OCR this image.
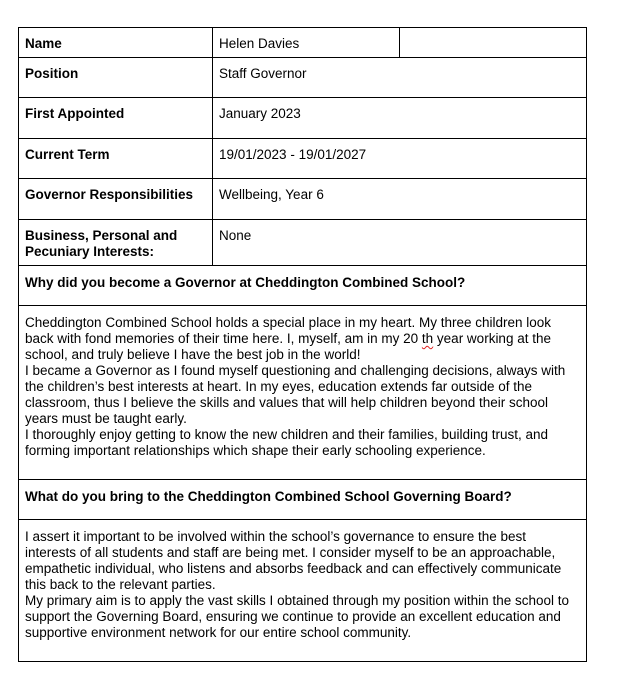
Name	Helen Davies	
Position	Staff Governor	
First Appointed	January 2023	
Current Term	19/01/2023 - 19/01/2027	
Governor Responsibilities	Wellbeing, Year 6	
Business, Personal and Pecuniary Interests:	None	
Why did you become a Governor at Cheddington Combined School?		

Cheddington Combined School holds a special place in my heart. My three children look back with fond memories of their time here. I, myself, am in my 20 th year working at the school, and truly believe I have the best job in the world!

I became a Governor as I found myself questioning and challenging decisions, always with the children’s best interests at heart. In my eyes, education extends far outside of the classroom, thus I believe the skills and values that will help children beyond their school years must be taught early.

I thoroughly enjoy getting to know the new children and their families, building trust, and forming important relationships which shape their early schooling experience.		

What do you bring to the Cheddington Combined School Governing Board?		

I assert it important to be involved within the school’s governance to ensure the best interests of all students and staff are being met. I consider myself to be an approachable, empathetic individual, who listens and absorbs feedback and can effectively communicate this back to the relevant parties.

My primary aim is to apply the vast skills I obtained through my position within the school to support the Governing Board, ensuring we continue to provide an excellent education and supportive environment network for our entire school community.		
